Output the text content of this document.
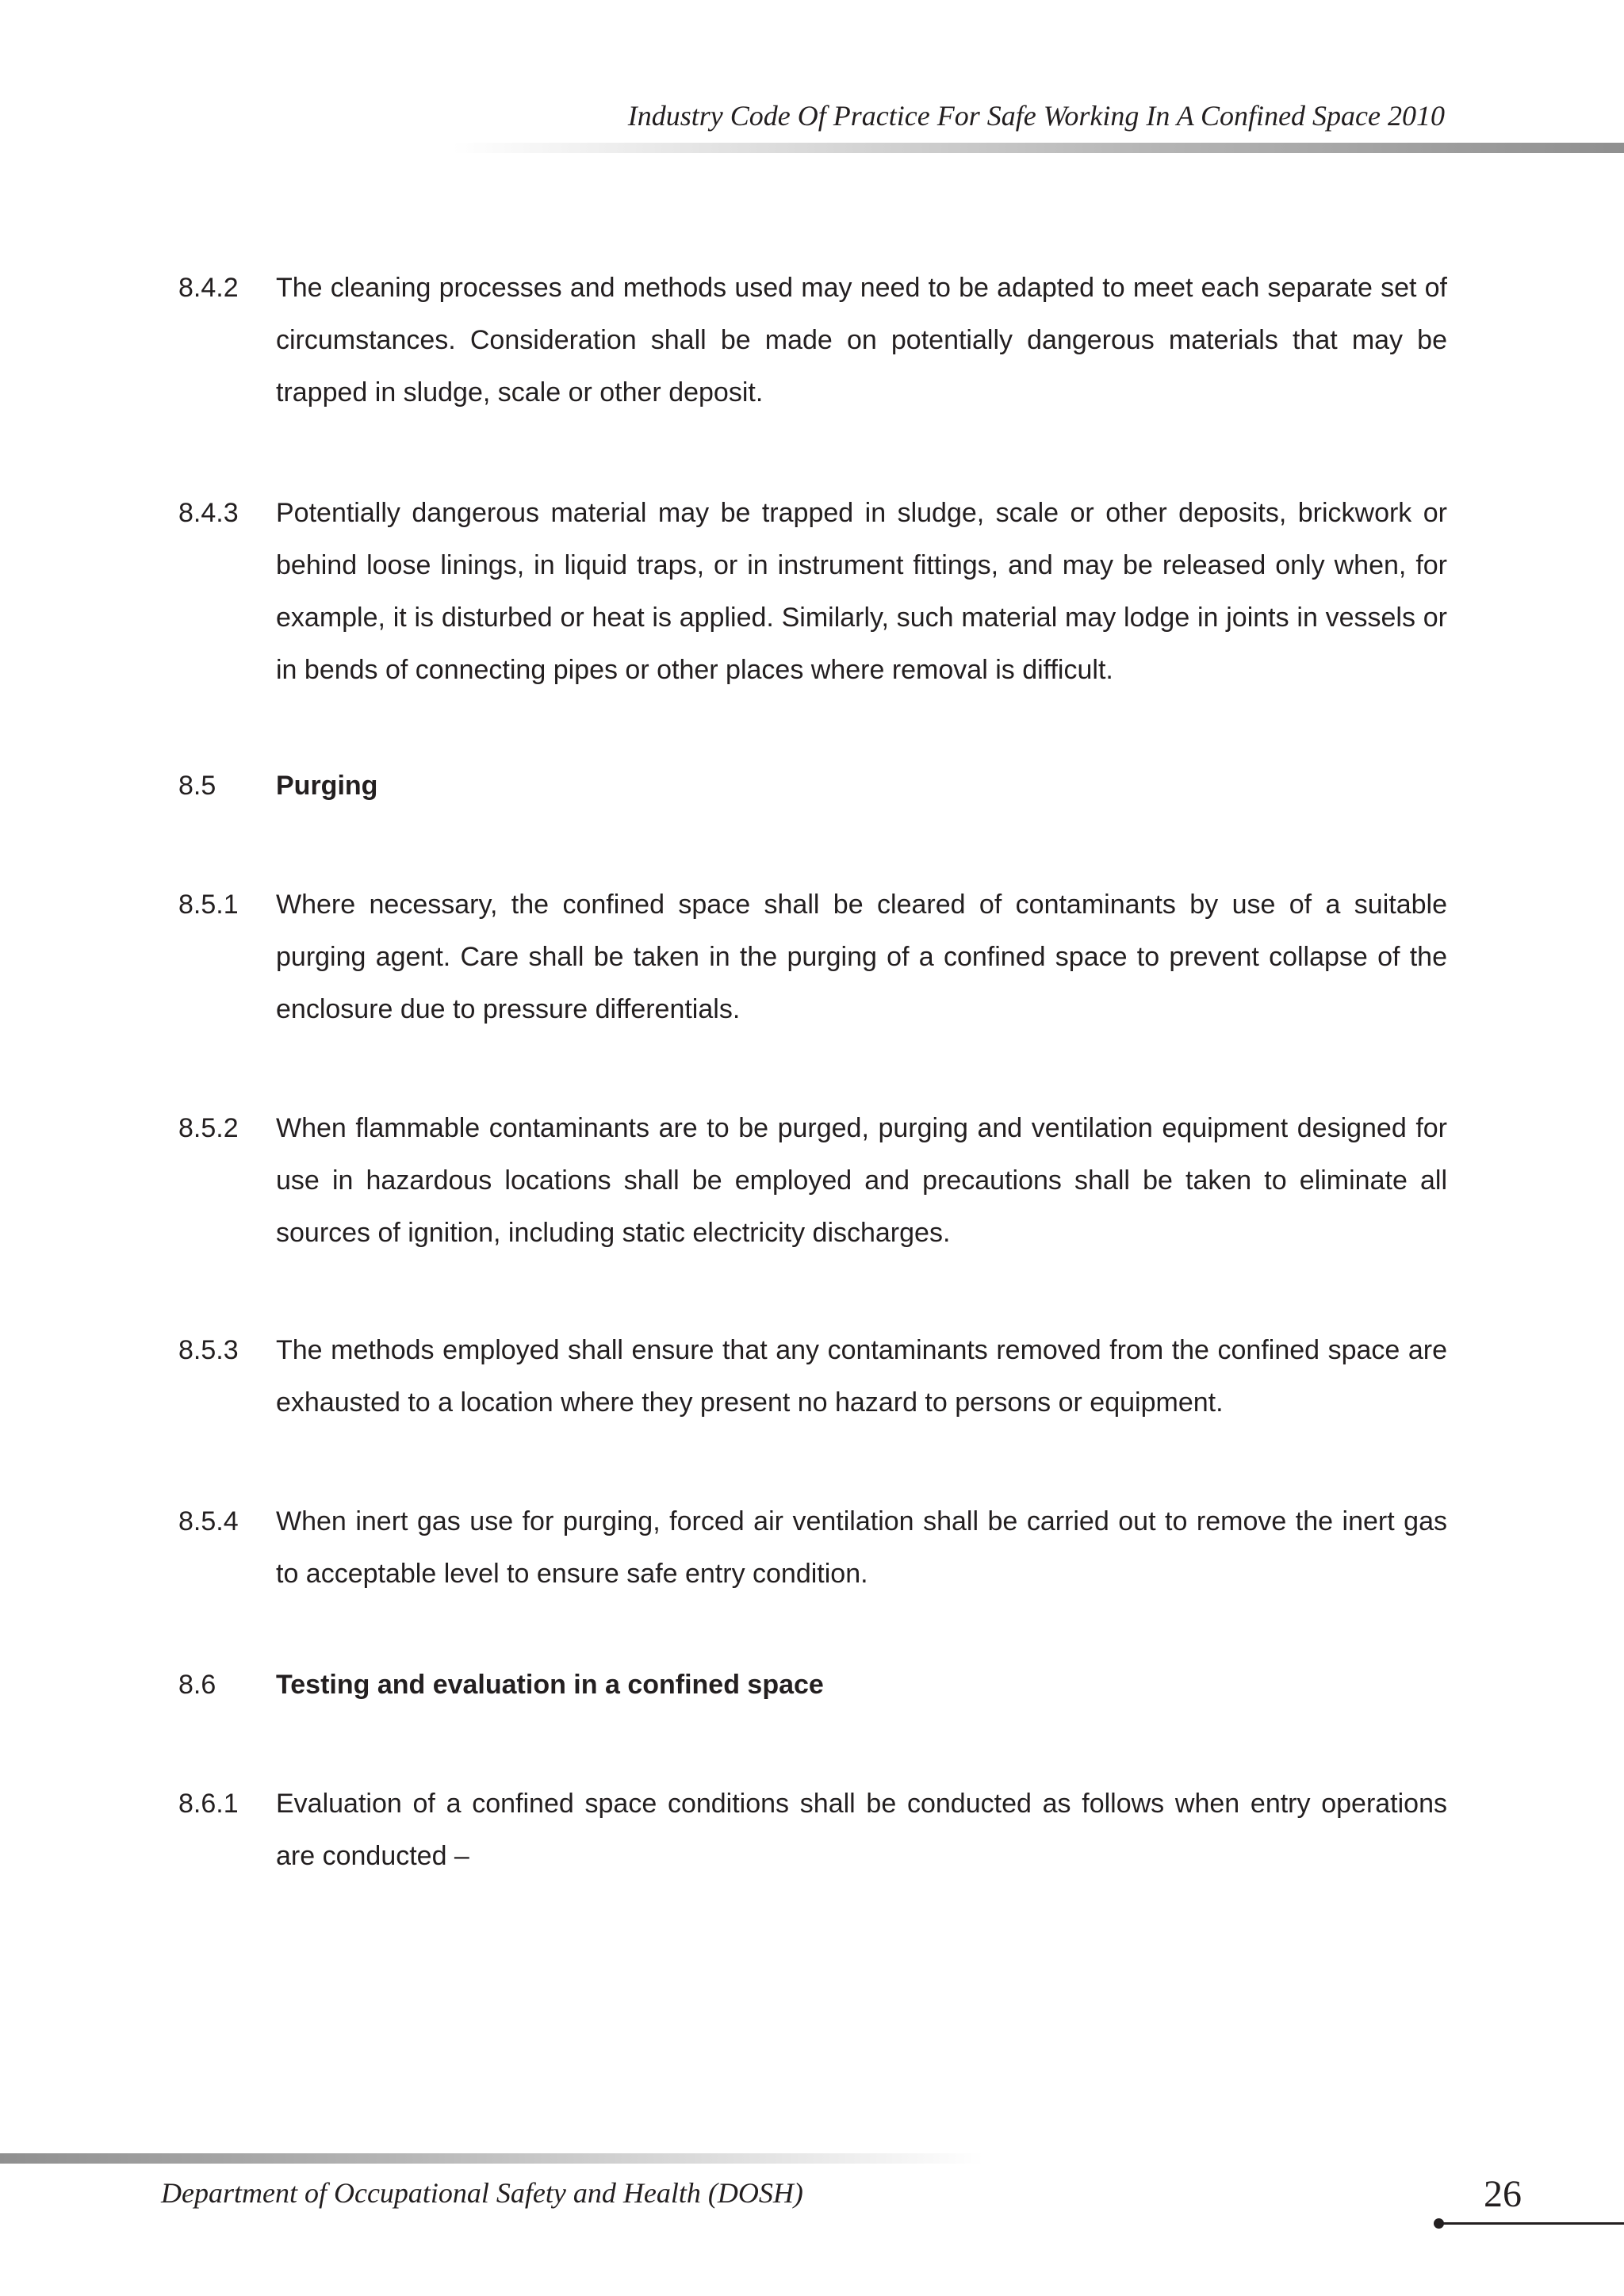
Industry Code Of Practice For Safe Working In A Confined Space 2010
8.4.2	The cleaning processes and methods used may need to be adapted to meet each separate set of circumstances. Consideration shall be made on potentially dangerous materials that may be trapped in sludge, scale or other deposit.
8.4.3	Potentially dangerous material may be trapped in sludge, scale or other deposits, brickwork or behind loose linings, in liquid traps, or in instrument fittings, and may be released only when, for example, it is disturbed or heat is applied. Similarly, such material may lodge in joints in vessels or in bends of connecting pipes or other places where removal is difficult.
8.5	Purging
8.5.1	Where necessary, the confined space shall be cleared of contaminants by use of a suitable purging agent. Care shall be taken in the purging of a confined space to prevent collapse of the enclosure due to pressure differentials.
8.5.2	When flammable contaminants are to be purged, purging and ventilation equipment designed for use in hazardous locations shall be employed and precautions shall be taken to eliminate all sources of ignition, including static electricity discharges.
8.5.3	The methods employed shall ensure that any contaminants removed from the confined space are exhausted to a location where they present no hazard to persons or equipment.
8.5.4	When inert gas use for purging, forced air ventilation shall be carried out to remove the inert gas to acceptable level to ensure safe entry condition.
8.6	Testing and evaluation in a confined space
8.6.1	Evaluation of a confined space conditions shall be conducted as follows when entry operations are conducted –

Department of Occupational Safety and Health (DOSH)	26
